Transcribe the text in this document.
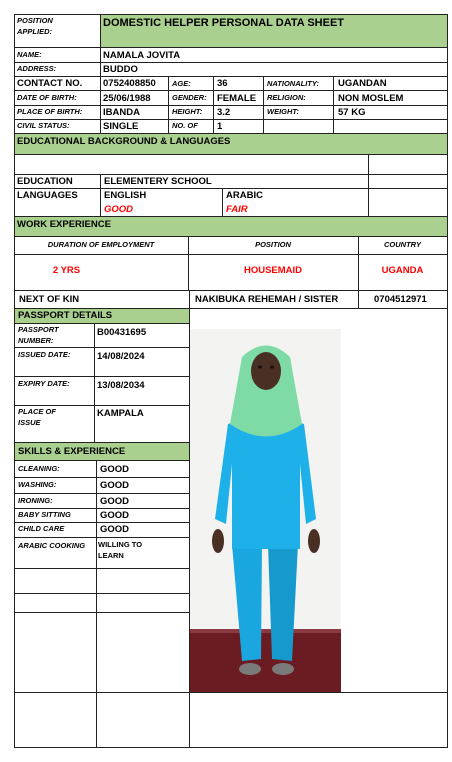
POSITION
APPLIED:
DOMESTIC HELPER PERSONAL DATA SHEET
NAME:	NAMALA JOVITA
ADDRESS:	BUDDO
CONTACT NO. 0752408850 AGE:	36	NATIONALITY: UGANDAN
DATE OF BIRTH:	25/06/1988	GENDER: FEMALE RELIGION:	NON MOSLEM
PLACE OF BIRTH: IBANDA	HEIGHT: 3.2	WEIGHT:	57 KG
CIVIL STATUS:	SINGLE	NO. OF 1
EDUCATIONAL BACKGROUND & LANGUAGES
EDUCATION	ELEMENTERY SCHOOL
LANGUAGES	ENGLISH
GOOD
ARABIC
FAIR
WORK EXPERIENCE
DURATION OF EMPLOYMENT	POSITION	COUNTRY
2 YRS	HOUSEMAID	UGANDA
NEXT OF KIN	NAKIBUKA REHEMAH / SISTER	0704512971
PASSPORT DETAILS
PASSPORT
NUMBER:
B00431695
ISSUED DATE:	14/08/2024
EXPIRY DATE:	13/08/2034
PLACE OF
ISSUE
KAMPALA
SKILLS & EXPERIENCE
CLEANING:	GOOD
WASHING:	GOOD
IRONING:	GOOD
BABY SITTING	GOOD
CHILD CARE	GOOD
ARABIC COOKING WILLING TO
LEARN
